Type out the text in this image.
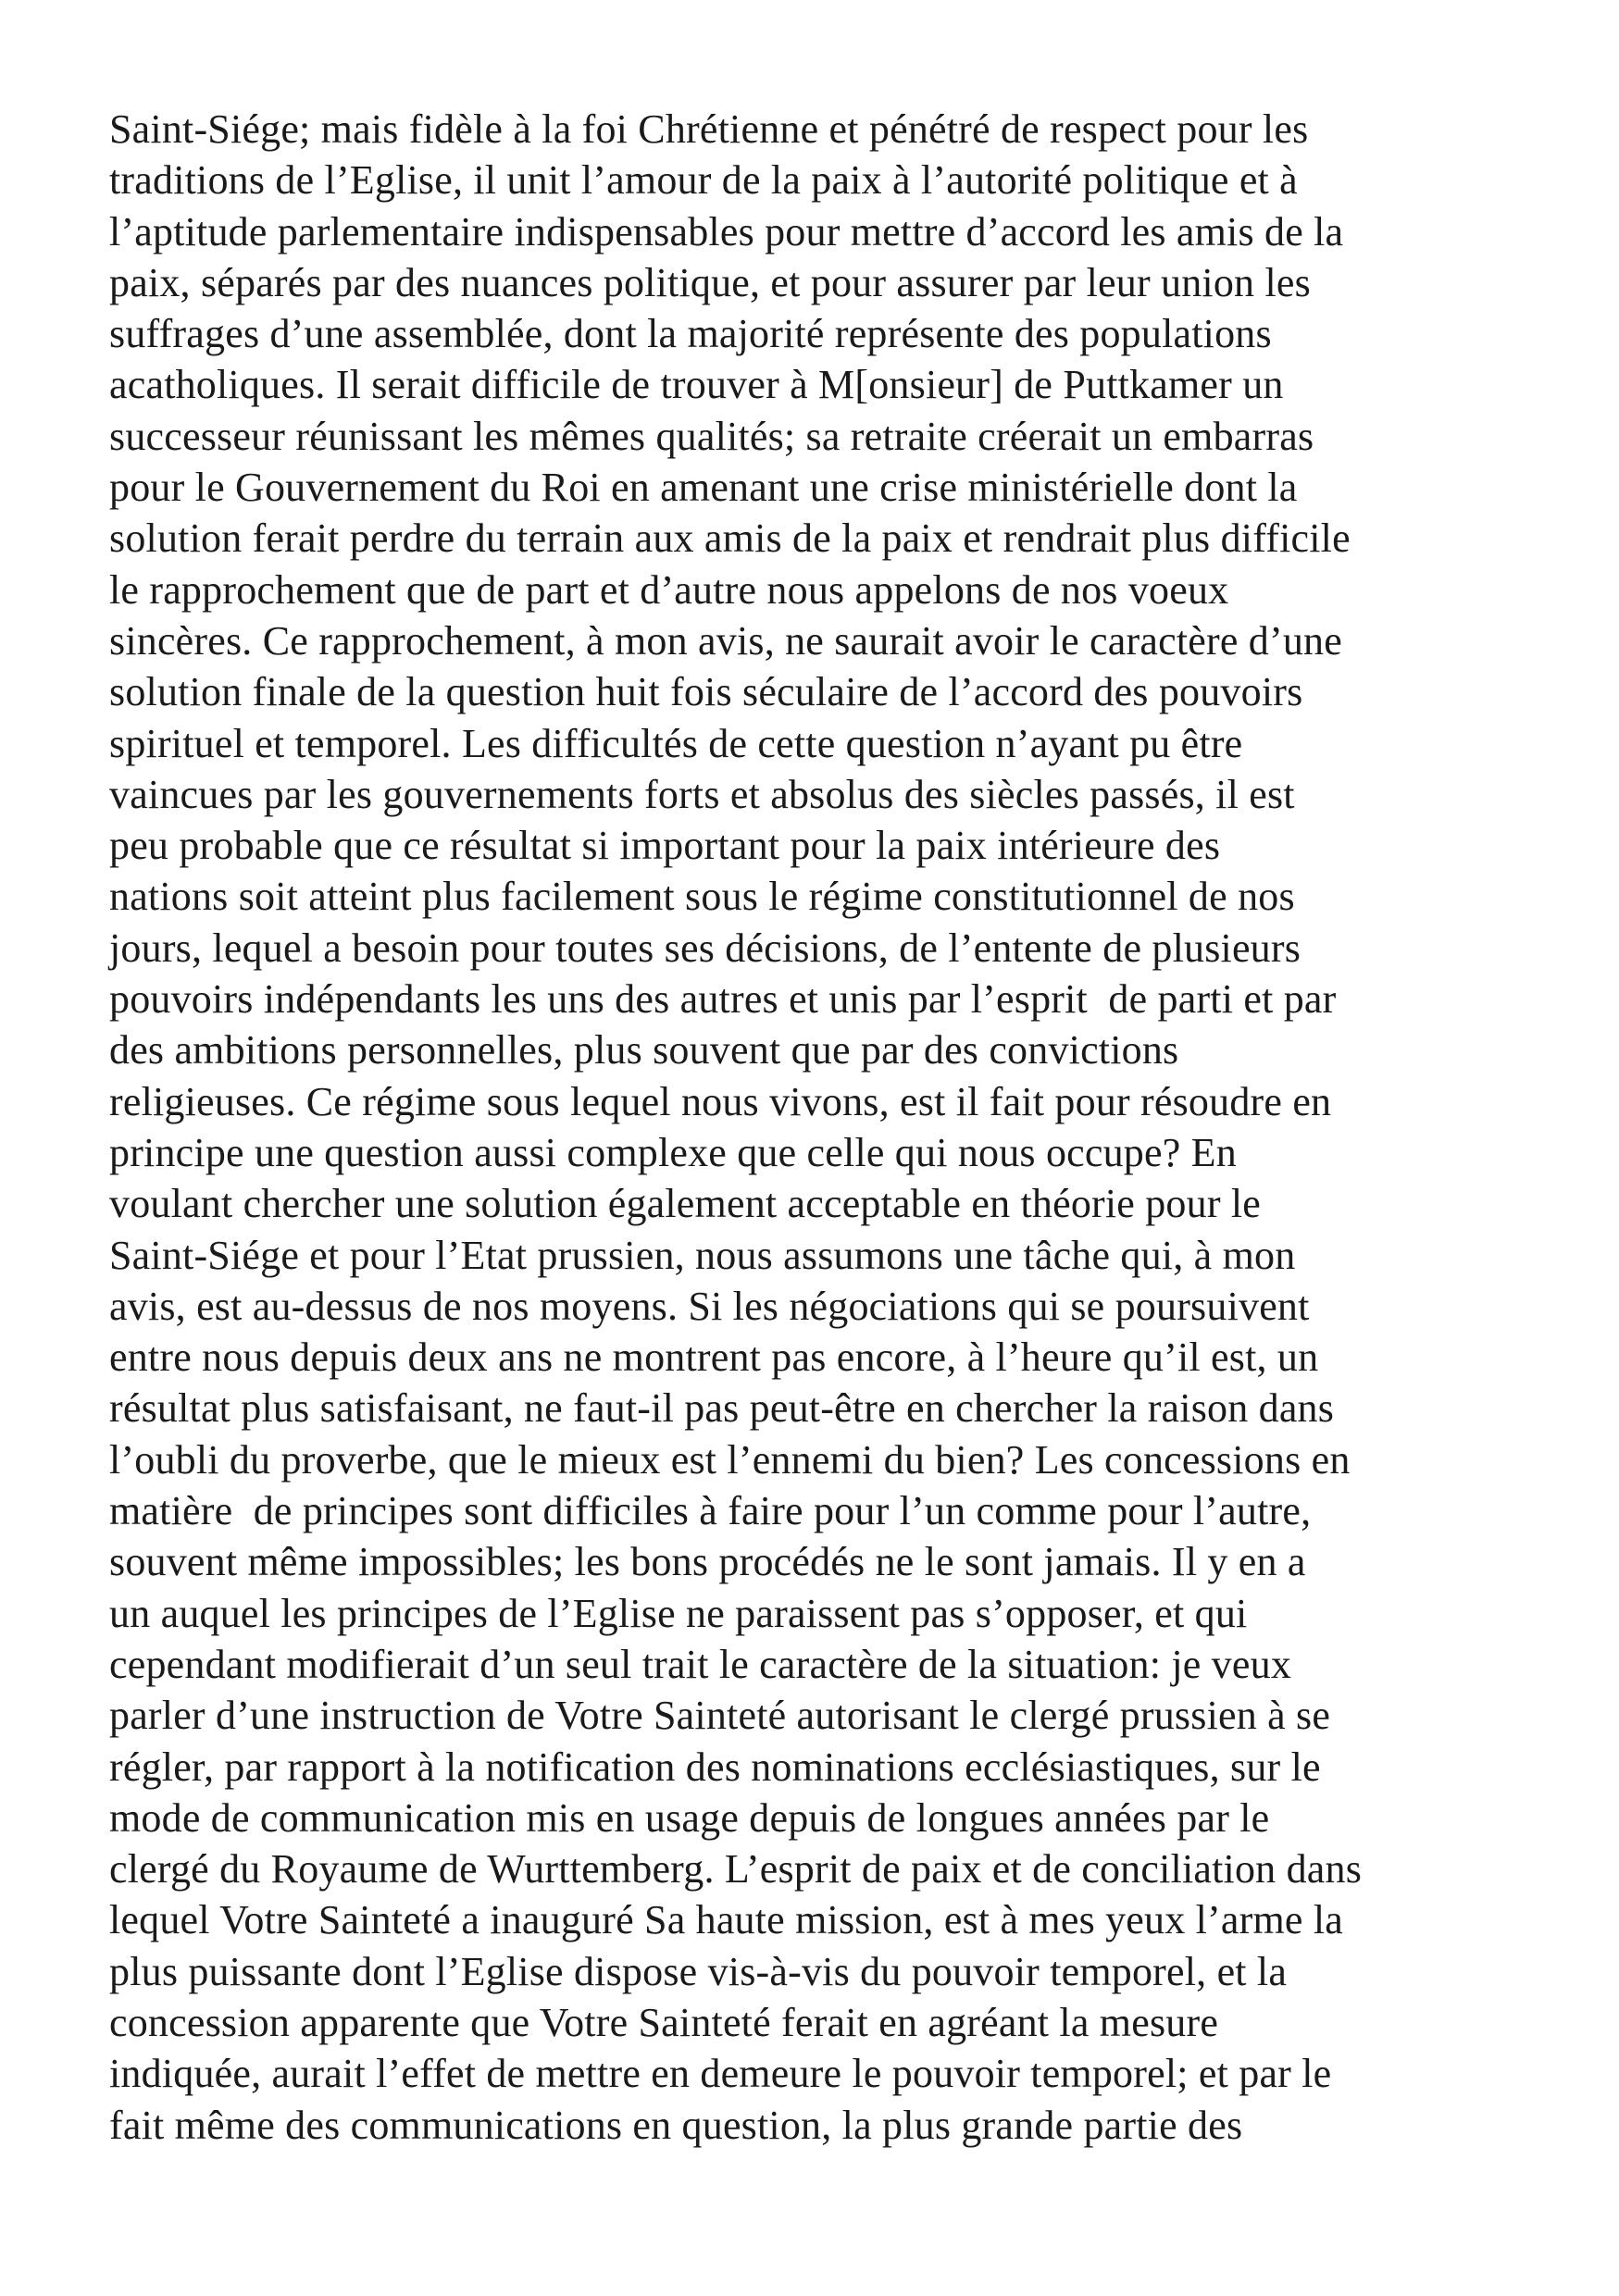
Saint-Siége; mais fidèle à la foi Chrétienne et pénétré de respect pour les
traditions de l’Eglise, il unit l’amour de la paix à l’autorité politique et à
l’aptitude parlementaire indispensables pour mettre d’accord les amis de la
paix, séparés par des nuances politique, et pour assurer par leur union les
suffrages d’une assemblée, dont la majorité représente des populations
acatholiques. Il serait difficile de trouver à M[onsieur] de Puttkamer un
successeur réunissant les mêmes qualités; sa retraite créerait un embarras
pour le Gouvernement du Roi en amenant une crise ministérielle dont la
solution ferait perdre du terrain aux amis de la paix et rendrait plus difficile
le rapprochement que de part et d’autre nous appelons de nos voeux
sincères. Ce rapprochement, à mon avis, ne saurait avoir le caractère d’une
solution finale de la question huit fois séculaire de l’accord des pouvoirs
spirituel et temporel. Les difficultés de cette question n’ayant pu être
vaincues par les gouvernements forts et absolus des siècles passés, il est
peu probable que ce résultat si important pour la paix intérieure des
nations soit atteint plus facilement sous le régime constitutionnel de nos
jours, lequel a besoin pour toutes ses décisions, de l’entente de plusieurs
pouvoirs indépendants les uns des autres et unis par l’esprit  de parti et par
des ambitions personnelles, plus souvent que par des convictions
religieuses. Ce régime sous lequel nous vivons, est il fait pour résoudre en
principe une question aussi complexe que celle qui nous occupe? En
voulant chercher une solution également acceptable en théorie pour le
Saint-Siége et pour l’Etat prussien, nous assumons une tâche qui, à mon
avis, est au-dessus de nos moyens. Si les négociations qui se poursuivent
entre nous depuis deux ans ne montrent pas encore, à l’heure qu’il est, un
résultat plus satisfaisant, ne faut-il pas peut-être en chercher la raison dans
l’oubli du proverbe, que le mieux est l’ennemi du bien? Les concessions en
matière  de principes sont difficiles à faire pour l’un comme pour l’autre,
souvent même impossibles; les bons procédés ne le sont jamais. Il y en a
un auquel les principes de l’Eglise ne paraissent pas s’opposer, et qui
cependant modifierait d’un seul trait le caractère de la situation: je veux
parler d’une instruction de Votre Sainteté autorisant le clergé prussien à se
régler, par rapport à la notification des nominations ecclésiastiques, sur le
mode de communication mis en usage depuis de longues années par le
clergé du Royaume de Wurttemberg. L’esprit de paix et de conciliation dans
lequel Votre Sainteté a inauguré Sa haute mission, est à mes yeux l’arme la
plus puissante dont l’Eglise dispose vis-à-vis du pouvoir temporel, et la
concession apparente que Votre Sainteté ferait en agréant la mesure
indiquée, aurait l’effet de mettre en demeure le pouvoir temporel; et par le
fait même des communications en question, la plus grande partie des
